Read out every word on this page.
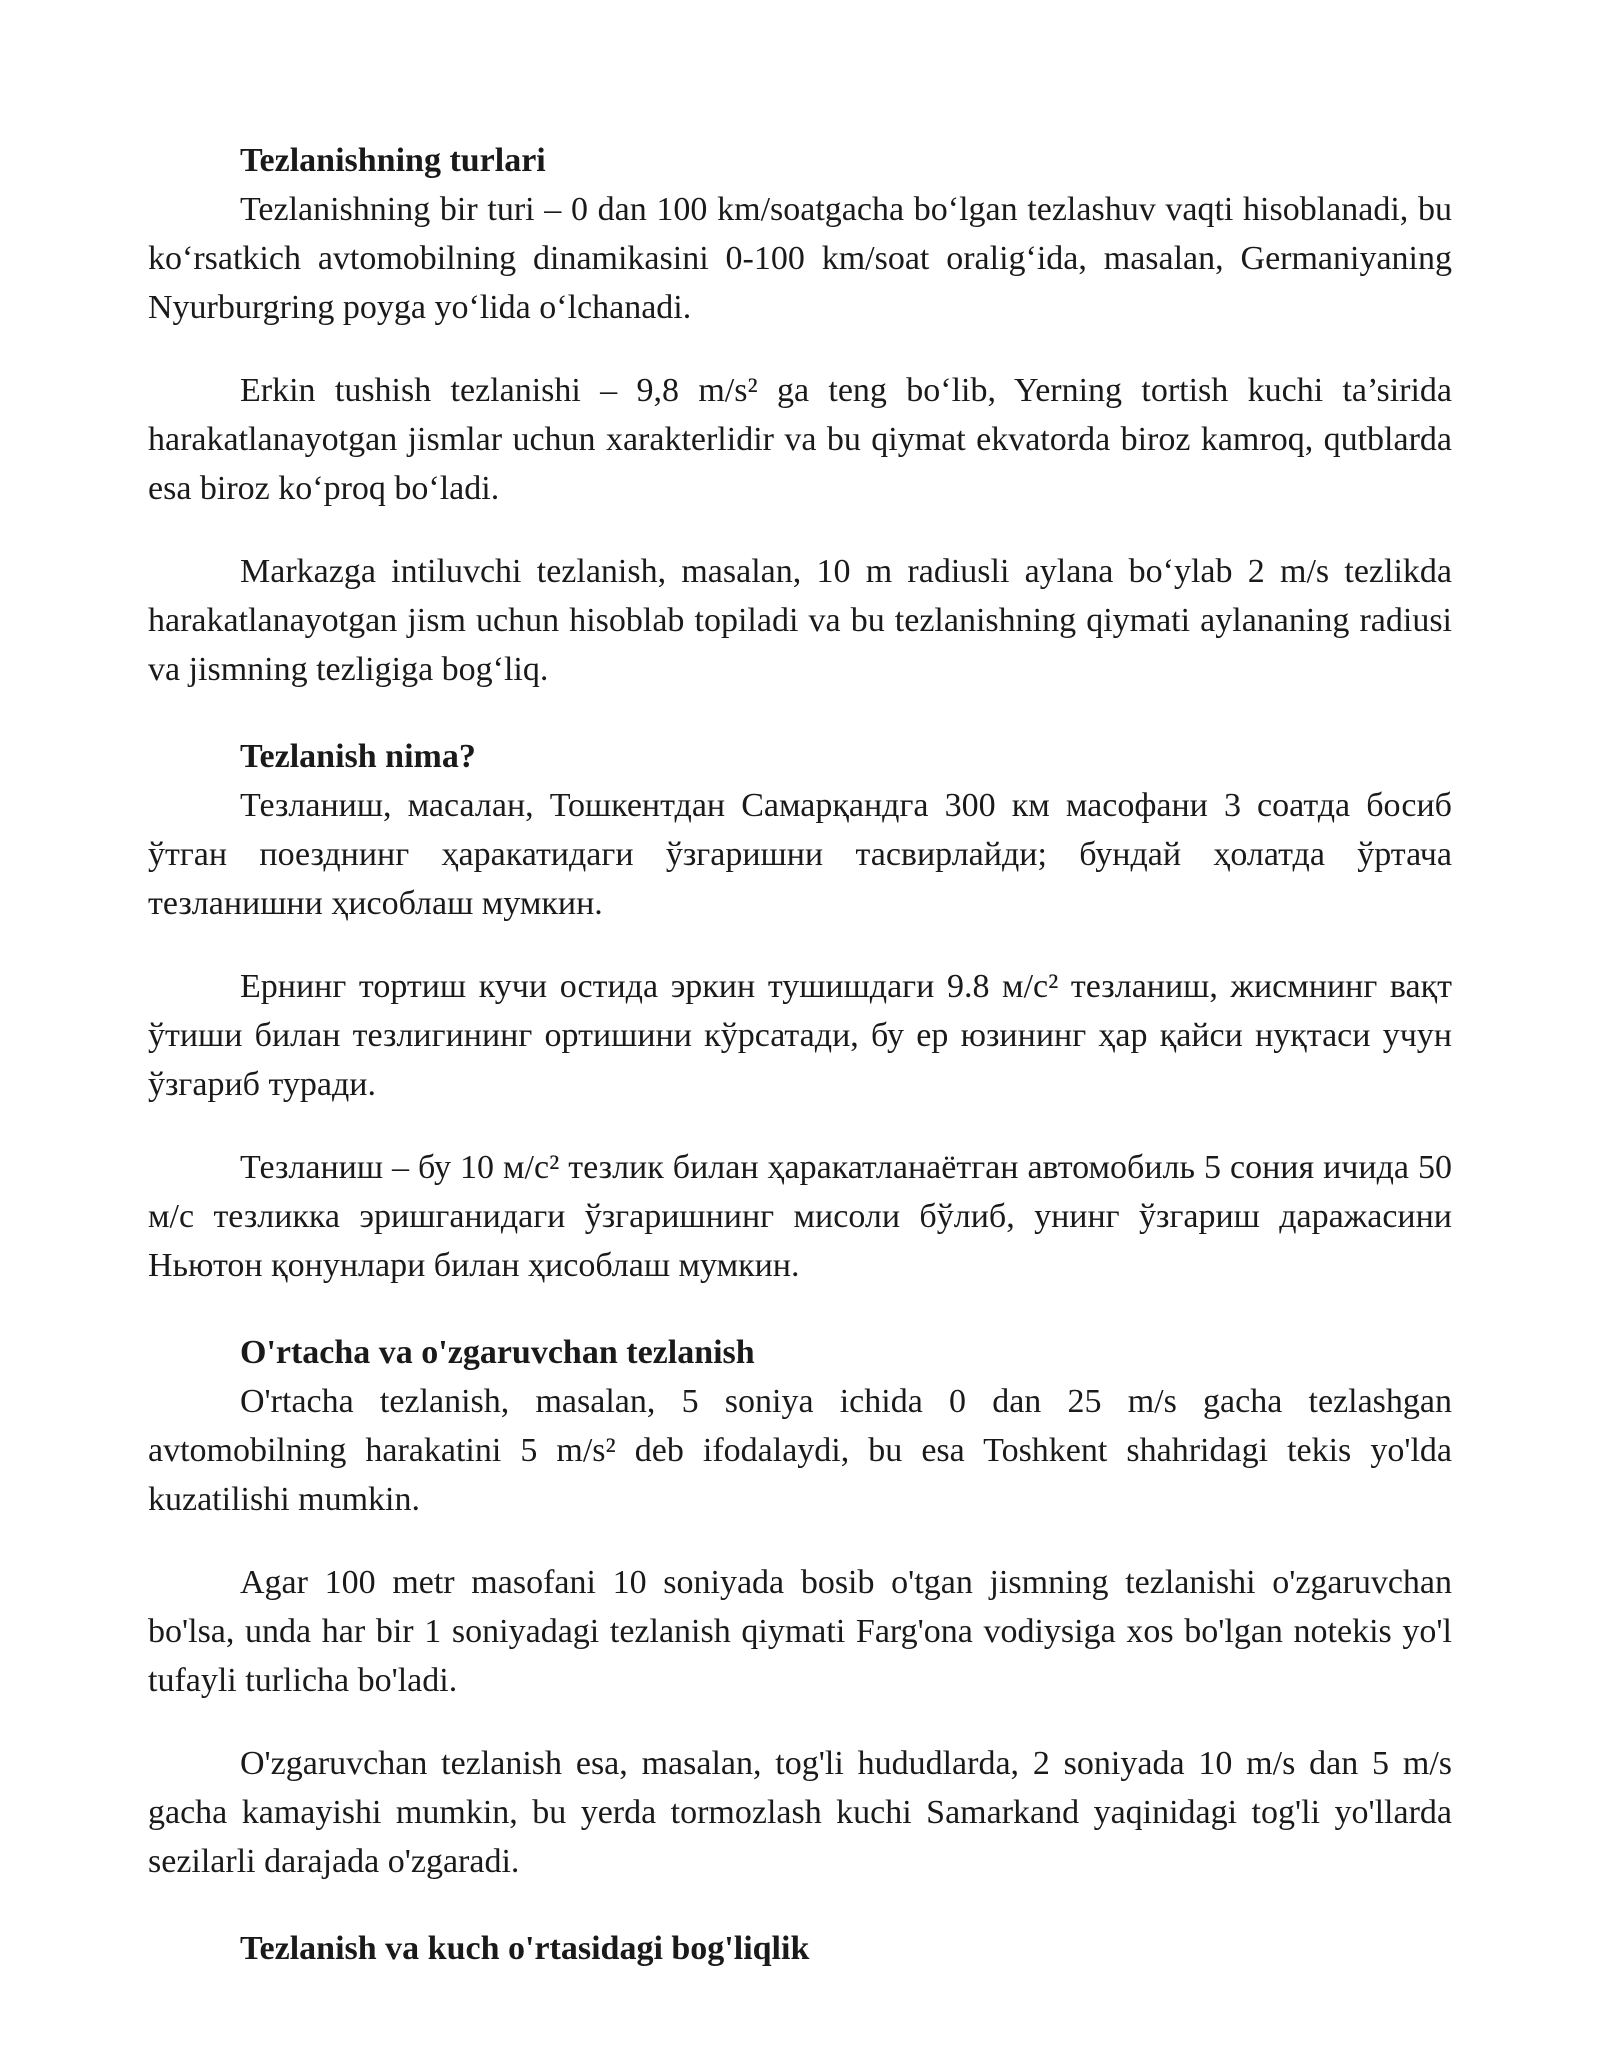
Tezlanishning turlari

Tezlanishning bir turi – 0 dan 100 km/soatgacha bo‘lgan tezlashuv vaqti hisoblanadi, bu ko‘rsatkich avtomobilning dinamikasini 0-100 km/soat oralig‘ida, masalan, Germaniyaning Nyurburgring poyga yo‘lida o‘lchanadi.

Erkin tushish tezlanishi – 9,8 m/s² ga teng bo‘lib, Yerning tortish kuchi ta’sirida harakatlanayotgan jismlar uchun xarakterlidir va bu qiymat ekvatorda biroz kamroq, qutblarda esa biroz ko‘proq bo‘ladi.

Markazga intiluvchi tezlanish, masalan, 10 m radiusli aylana bo‘ylab 2 m/s tezlikda harakatlanayotgan jism uchun hisoblab topiladi va bu tezlanishning qiymati aylananing radiusi va jismning tezligiga bog‘liq.

Tezlanish nima?

Тезланиш, масалан, Тошкентдан Самарқандга 300 км масофани 3 соатда босиб ўтган поезднинг ҳаракатидаги ўзгаришни тасвирлайди; бундай ҳолатда ўртача тезланишни ҳисоблаш мумкин.

Ернинг тортиш кучи остида эркин тушишдаги 9.8 м/с² тезланиш, жисмнинг вақт ўтиши билан тезлигининг ортишини кўрсатади, бу ер юзининг ҳар қайси нуқтаси учун ўзгариб туради.

Тезланиш – бу 10 м/с² тезлик билан ҳаракатланаётган автомобиль 5 сония ичида 50 м/с тезликка эришганидаги ўзгаришнинг мисоли бўлиб, унинг ўзгариш даражасини Ньютон қонунлари билан ҳисоблаш мумкин.

O'rtacha va o'zgaruvchan tezlanish

O'rtacha tezlanish, masalan, 5 soniya ichida 0 dan 25 m/s gacha tezlashgan avtomobilning harakatini 5 m/s² deb ifodalaydi, bu esa Toshkent shahridagi tekis yo'lda kuzatilishi mumkin.

Agar 100 metr masofani 10 soniyada bosib o'tgan jismning tezlanishi o'zgaruvchan bo'lsa, unda har bir 1 soniyadagi tezlanish qiymati Farg'ona vodiysiga xos bo'lgan notekis yo'l tufayli turlicha bo'ladi.

O'zgaruvchan tezlanish esa, masalan, tog'li hududlarda, 2 soniyada 10 m/s dan 5 m/s gacha kamayishi mumkin, bu yerda tormozlash kuchi Samarkand yaqinidagi tog'li yo'llarda sezilarli darajada o'zgaradi.

Tezlanish va kuch o'rtasidagi bog'liqlik
